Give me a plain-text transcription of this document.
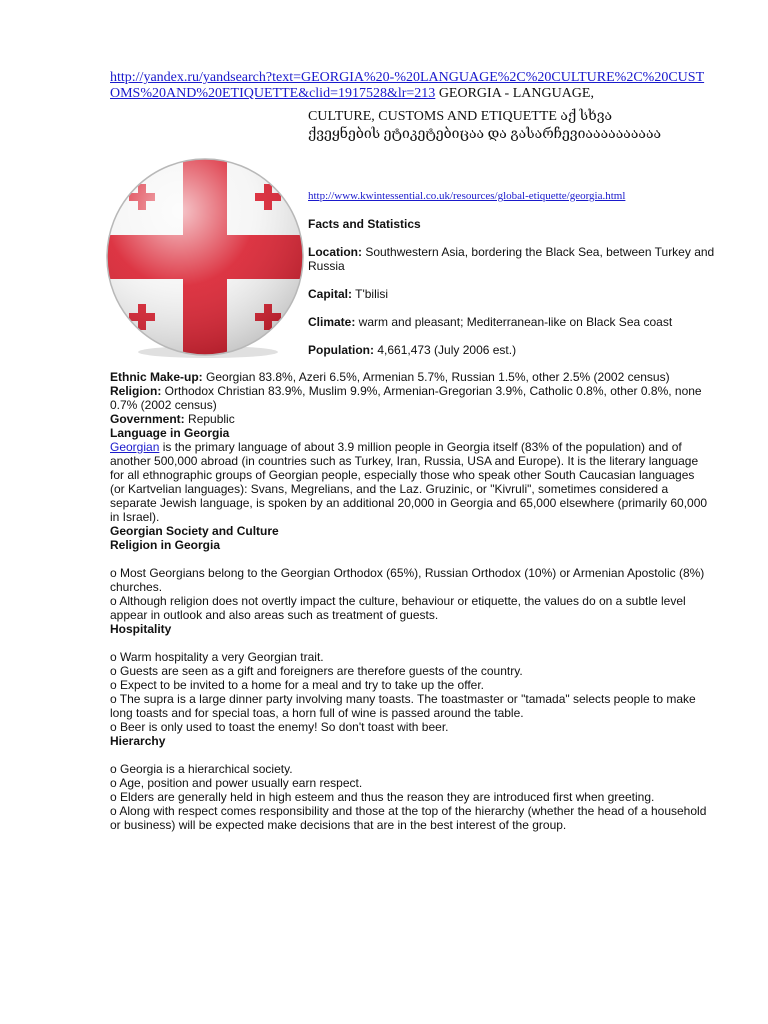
http://yandex.ru/yandsearch?text=GEORGIA%20-%20LANGUAGE%2C%20CULTURE%2C%20CUSTOMS%20AND%20ETIQUETTE&clid=1917528&lr=213 GEORGIA - LANGUAGE,
CULTURE, CUSTOMS AND ETIQUETTE აქ სხვა ქვეყნების ეტიკეტებიცაა და გასარჩევიაააააააააა

http://www.kwintessential.co.uk/resources/global-etiquette/georgia.html

Facts and Statistics

Location: Southwestern Asia, bordering the Black Sea, between Turkey and Russia

Capital: T'bilisi

Climate: warm and pleasant; Mediterranean-like on Black Sea coast

Population: 4,661,473 (July 2006 est.)

Ethnic Make-up: Georgian 83.8%, Azeri 6.5%, Armenian 5.7%, Russian 1.5%, other 2.5% (2002 census)

Religion: Orthodox Christian 83.9%, Muslim 9.9%, Armenian-Gregorian 3.9%, Catholic 0.8%, other 0.8%, none 0.7% (2002 census)

Government: Republic

Language in Georgia

Georgian is the primary language of about 3.9 million people in Georgia itself (83% of the population) and of another 500,000 abroad (in countries such as Turkey, Iran, Russia, USA and Europe). It is the literary language for all ethnographic groups of Georgian people, especially those who speak other South Caucasian languages (or Kartvelian languages): Svans, Megrelians, and the Laz. Gruzinic, or "Kivruli", sometimes considered a separate Jewish language, is spoken by an additional 20,000 in Georgia and 65,000 elsewhere (primarily 60,000 in Israel).

Georgian Society and Culture

Religion in Georgia

o Most Georgians belong to the Georgian Orthodox (65%), Russian Orthodox (10%) or Armenian Apostolic (8%) churches.

o Although religion does not overtly impact the culture, behaviour or etiquette, the values do on a subtle level appear in outlook and also areas such as treatment of guests.

Hospitality

o Warm hospitality a very Georgian trait.

o Guests are seen as a gift and foreigners are therefore guests of the country.

o Expect to be invited to a home for a meal and try to take up the offer.

o The supra is a large dinner party involving many toasts. The toastmaster or "tamada" selects people to make long toasts and for special toas, a horn full of wine is passed around the table.

o Beer is only used to toast the enemy! So don't toast with beer.

Hierarchy

o Georgia is a hierarchical society.

o Age, position and power usually earn respect.

o Elders are generally held in high esteem and thus the reason they are introduced first when greeting.

o Along with respect comes responsibility and those at the top of the hierarchy (whether the head of a household or business) will be expected make decisions that are in the best interest of the group.
